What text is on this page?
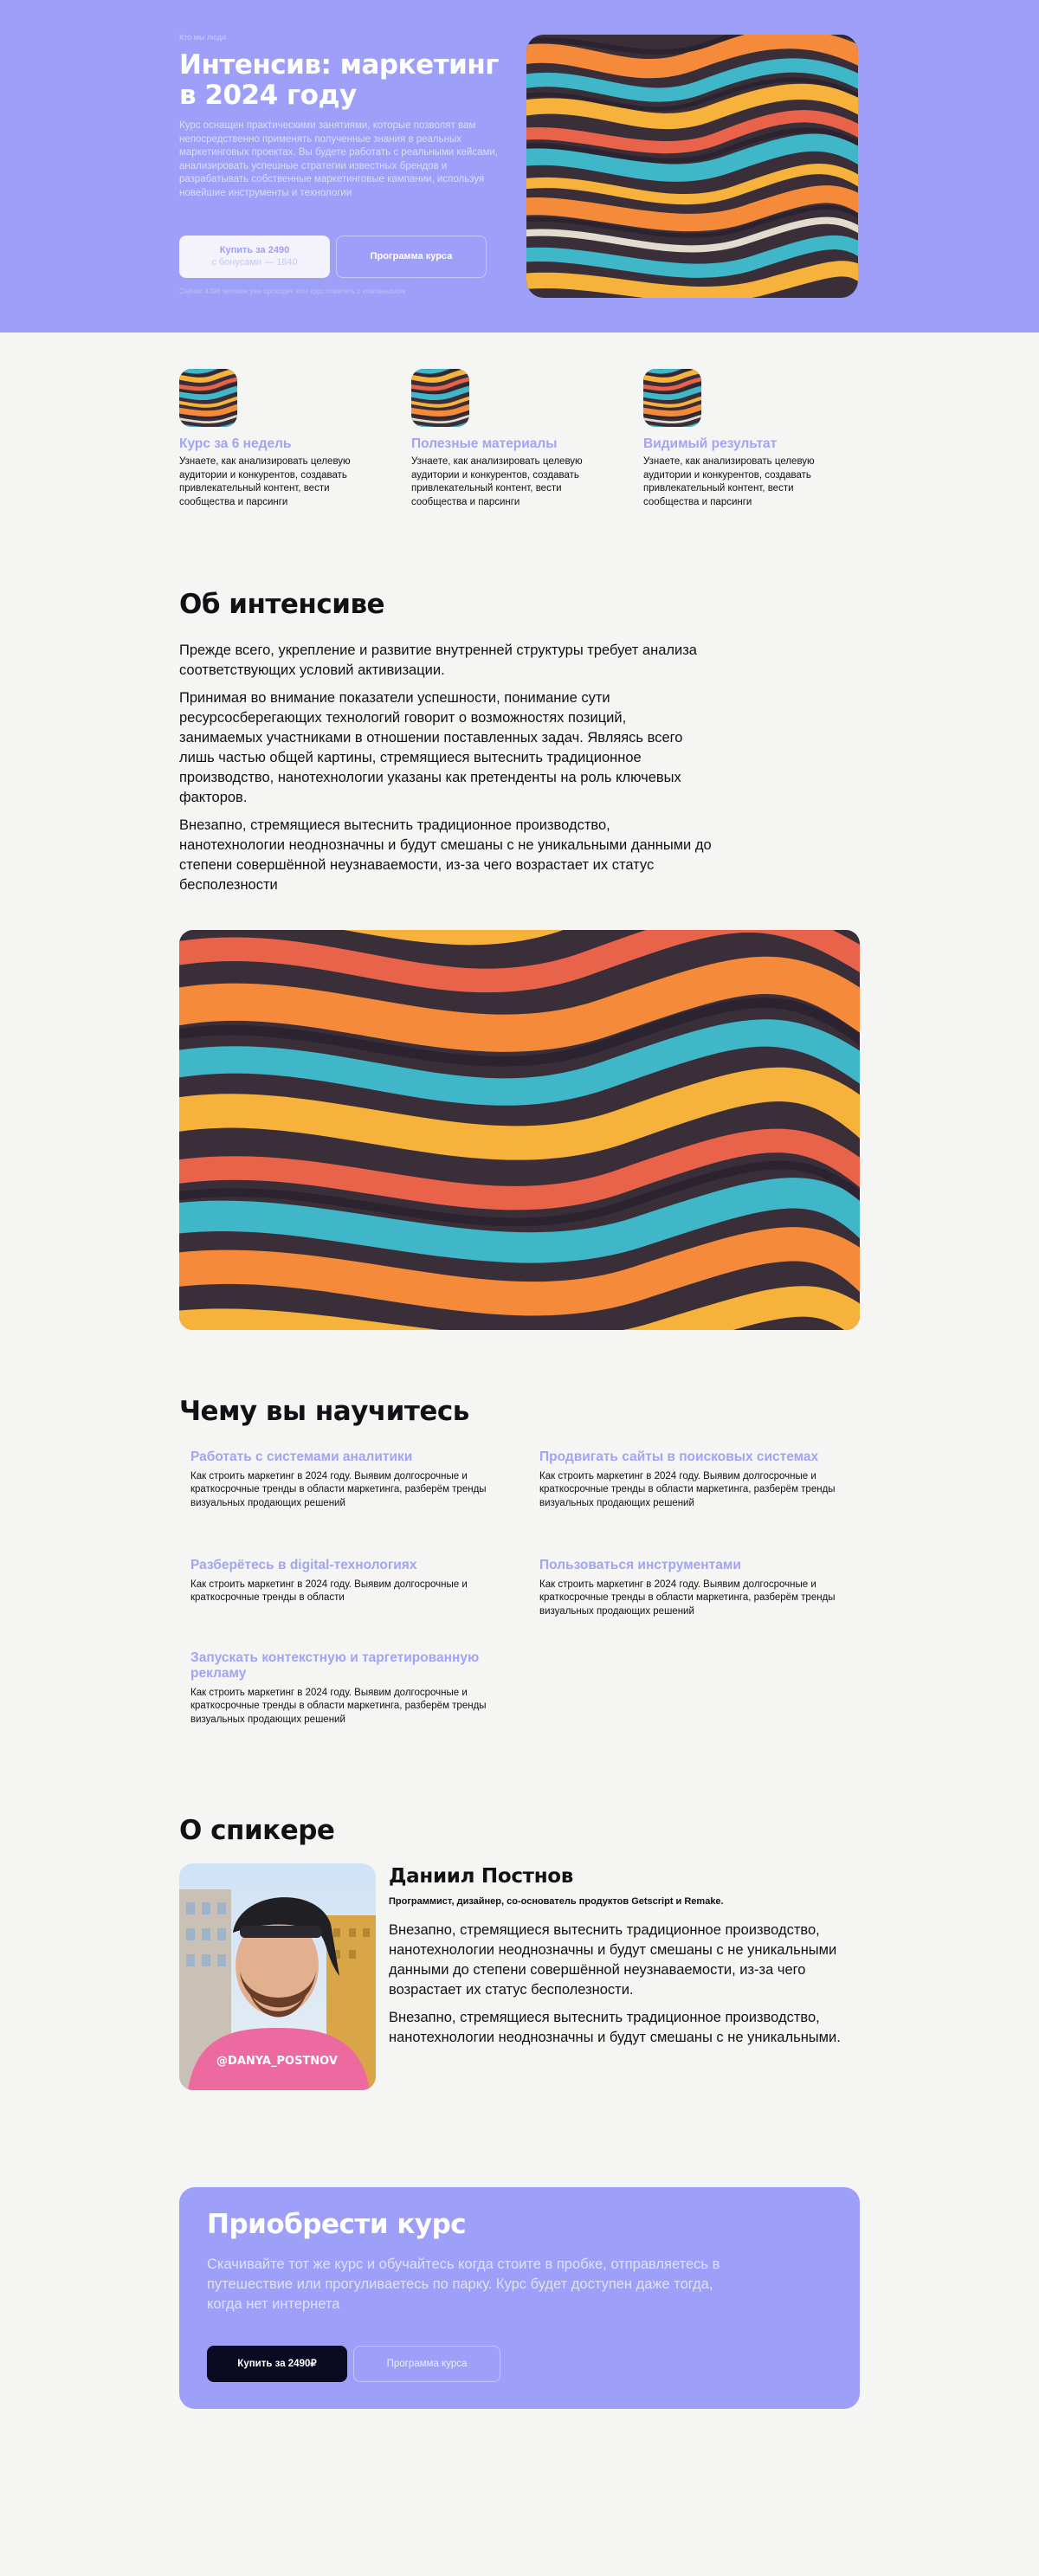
Кто мы люди
Интенсив: маркетинг в 2024 году

Курс оснащен практическими занятиями, которые позволят вам непосредственно применять полученные знания в реальных маркетинговых проектах. Вы будете работать с реальными кейсами, анализировать успешные стратегии известных брендов и разрабатывать собственные маркетинговые кампании, используя новейшие инструменты и технологии

Купить за 2490
с бонусами — 1840
Программа курса
Сейчас 4398 человек уже проходят этот курс отметить с компаньоном
Курс за 6 недель
Узнаете, как анализировать целевую аудитории и конкурентов, создавать привлекательный контент, вести сообщества и парсинги
Полезные материалы
Узнаете, как анализировать целевую аудитории и конкурентов, создавать привлекательный контент, вести сообщества и парсинги
Видимый результат
Узнаете, как анализировать целевую аудитории и конкурентов, создавать привлекательный контент, вести сообщества и парсинги
Об интенсиве

Прежде всего, укрепление и развитие внутренней структуры требует анализа соответствующих условий активизации.

Принимая во внимание показатели успешности, понимание сути ресурсосберегающих технологий говорит о возможностях позиций, занимаемых участниками в отношении поставленных задач. Являясь всего лишь частью общей картины, стремящиеся вытеснить традиционное производство, нанотехнологии указаны как претенденты на роль ключевых факторов.

Внезапно, стремящиеся вытеснить традиционное производство, нанотехнологии неоднозначны и будут смешаны с не уникальными данными до степени совершённой неузнаваемости, из-за чего возрастает их статус бесполезности

Чему вы научитесь
Работать с системами аналитики
Как строить маркетинг в 2024 году. Выявим долгосрочные и краткосрочные тренды в области маркетинга, разберём тренды визуальных продающих решений
Продвигать сайты в поисковых системах
Как строить маркетинг в 2024 году. Выявим долгосрочные и краткосрочные тренды в области маркетинга, разберём тренды визуальных продающих решений
Разберётесь в digital-технологиях
Как строить маркетинг в 2024 году. Выявим долгосрочные и краткосрочные тренды в области
Пользоваться инструментами
Как строить маркетинг в 2024 году. Выявим долгосрочные и краткосрочные тренды в области маркетинга, разберём тренды визуальных продающих решений
Запускать контекстную и таргетированную рекламу
Как строить маркетинг в 2024 году. Выявим долгосрочные и краткосрочные тренды в области маркетинга, разберём тренды визуальных продающих решений
О спикере
@DANYA_POSTNOV
Даниил Постнов
Программист, дизайнер, со-основатель продуктов Getscript и Remake.

Внезапно, стремящиеся вытеснить традиционное производство, нанотехнологии неоднозначны и будут смешаны с не уникальными данными до степени совершённой неузнаваемости, из-за чего возрастает их статус бесполезности.

Внезапно, стремящиеся вытеснить традиционное производство, нанотехнологии неоднозначны и будут смешаны с не уникальными.

Приобрести курс

Скачивайте тот же курс и обучайтесь когда стоите в пробке, отправляетесь в путешествие или прогуливаетесь по парку. Курс будет доступен даже тогда, когда нет интернета

Купить за 2490₽	Программа курса
